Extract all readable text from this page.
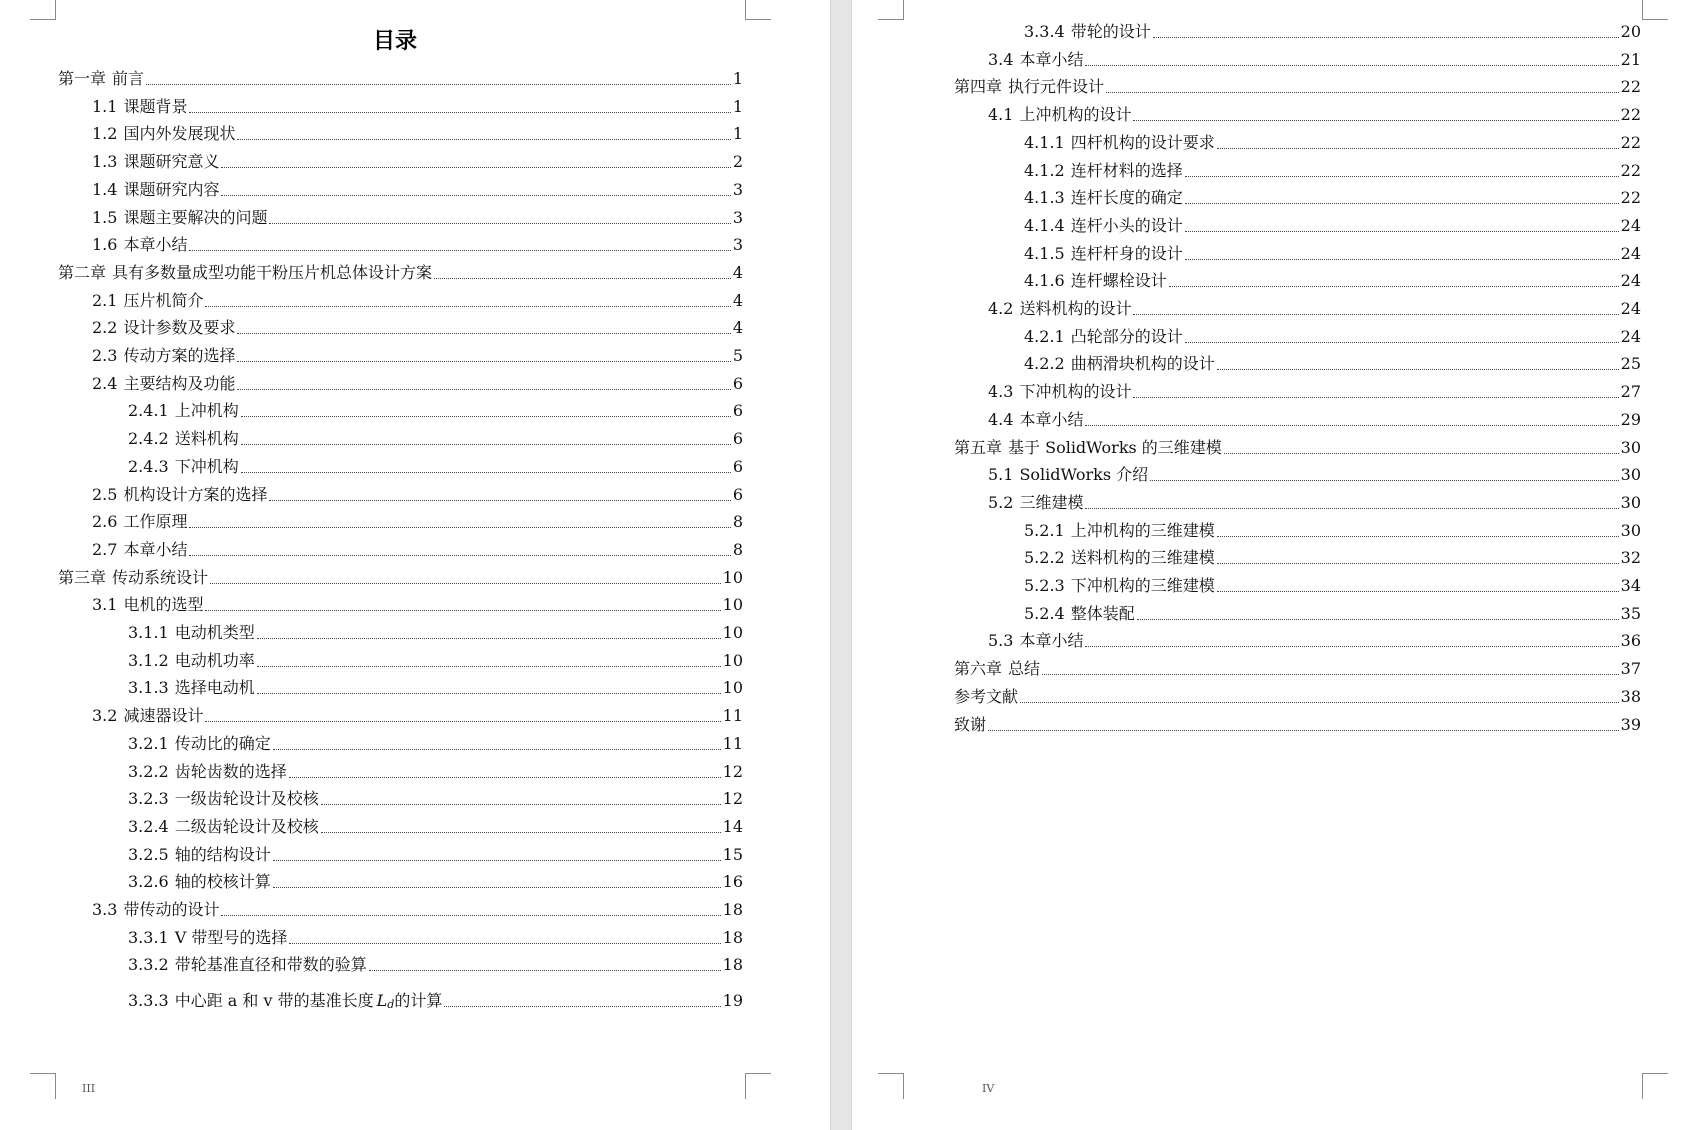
目录
第一章 前言	1
1.1 课题背景	1
1.2 国内外发展现状	1
1.3 课题研究意义	2
1.4 课题研究内容	3
1.5 课题主要解决的问题	3
1.6 本章小结	3
第二章 具有多数量成型功能干粉压片机总体设计方案	4
2.1 压片机简介	4
2.2 设计参数及要求	4
2.3 传动方案的选择	5
2.4 主要结构及功能	6
2.4.1 上冲机构	6
2.4.2 送料机构	6
2.4.3 下冲机构	6
2.5 机构设计方案的选择	6
2.6 工作原理	8
2.7 本章小结	8
第三章 传动系统设计	10
3.1 电机的选型	10
3.1.1 电动机类型	10
3.1.2 电动机功率	10
3.1.3 选择电动机	10
3.2 减速器设计	11
3.2.1 传动比的确定	11
3.2.2 齿轮齿数的选择	12
3.2.3 一级齿轮设计及校核	12
3.2.4 二级齿轮设计及校核	14
3.2.5 轴的结构设计	15
3.2.6 轴的校核计算	16
3.3 带传动的设计	18
3.3.1 V 带型号的选择	18
3.3.2 带轮基准直径和带数的验算	18
3.3.3 中心距 a 和 v 带的基准长度 Ld的计算	19
III
3.3.4 带轮的设计	20
3.4 本章小结	21
第四章 执行元件设计	22
4.1 上冲机构的设计	22
4.1.1 四杆机构的设计要求	22
4.1.2 连杆材料的选择	22
4.1.3 连杆长度的确定	22
4.1.4 连杆小头的设计	24
4.1.5 连杆杆身的设计	24
4.1.6 连杆螺栓设计	24
4.2 送料机构的设计	24
4.2.1 凸轮部分的设计	24
4.2.2 曲柄滑块机构的设计	25
4.3 下冲机构的设计	27
4.4 本章小结	29
第五章 基于 SolidWorks 的三维建模	30
5.1 SolidWorks 介绍	30
5.2 三维建模	30
5.2.1 上冲机构的三维建模	30
5.2.2 送料机构的三维建模	32
5.2.3 下冲机构的三维建模	34
5.2.4 整体装配	35
5.3 本章小结	36
第六章 总结	37
参考文献	38
致谢	39
IV
